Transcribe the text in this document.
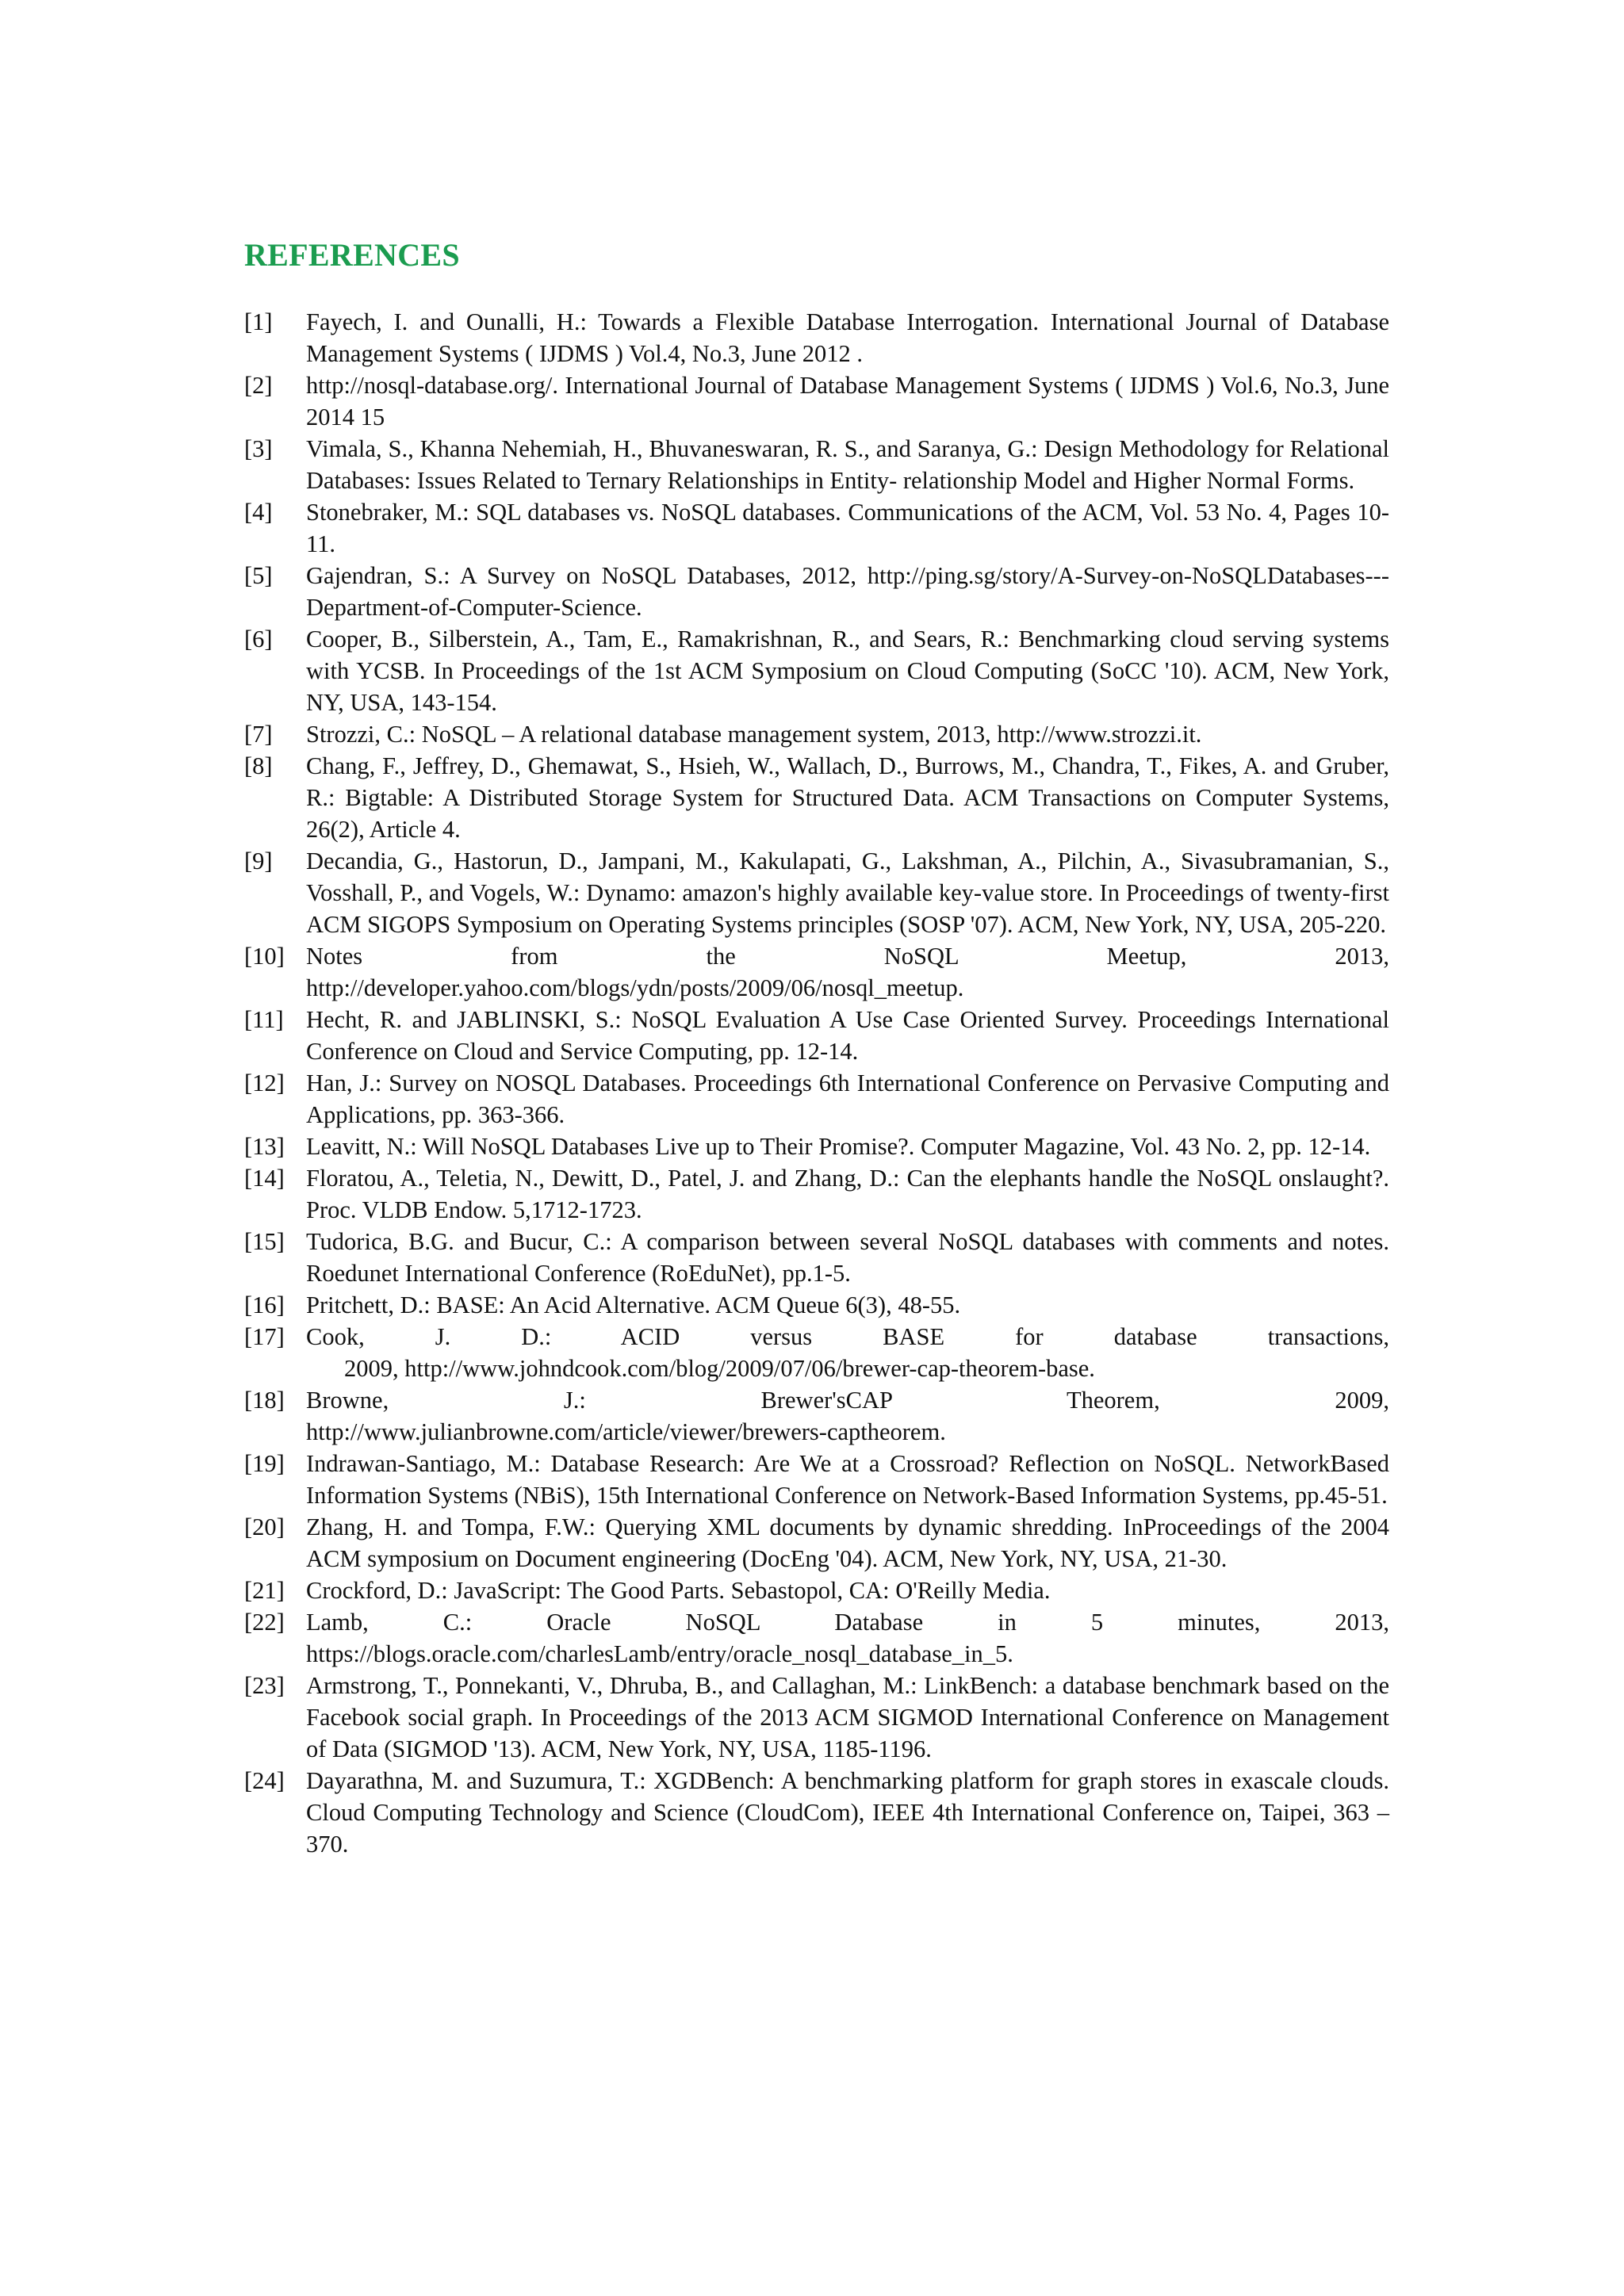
REFERENCES
[1]	Fayech, I. and Ounalli, H.: Towards a Flexible Database Interrogation. International Journal of Database Management Systems ( IJDMS ) Vol.4, No.3, June 2012 .
[2]	http://nosql-database.org/. International Journal of Database Management Systems ( IJDMS ) Vol.6, No.3, June 2014 15
[3]	Vimala, S., Khanna Nehemiah, H., Bhuvaneswaran, R. S., and Saranya, G.: Design Methodology for Relational Databases: Issues Related to Ternary Relationships in Entity- relationship Model and Higher Normal Forms.
[4]	Stonebraker, M.: SQL databases vs. NoSQL databases. Communications of the ACM, Vol. 53 No. 4, Pages 10-11.
[5]	Gajendran, S.: A Survey on NoSQL Databases, 2012, http://ping.sg/story/A-Survey-on-NoSQLDatabases---Department-of-Computer-Science.
[6]	Cooper, B., Silberstein, A., Tam, E., Ramakrishnan, R., and Sears, R.: Benchmarking cloud serving systems with YCSB. In Proceedings of the 1st ACM Symposium on Cloud Computing (SoCC '10). ACM, New York, NY, USA, 143-154.
[7]	Strozzi, C.: NoSQL – A relational database management system, 2013, http://www.strozzi.it.
[8]	Chang, F., Jeffrey, D., Ghemawat, S., Hsieh, W., Wallach, D., Burrows, M., Chandra, T., Fikes, A. and Gruber, R.: Bigtable: A Distributed Storage System for Structured Data. ACM Transactions on Computer Systems, 26(2), Article 4.
[9]	Decandia, G., Hastorun, D., Jampani, M., Kakulapati, G., Lakshman, A., Pilchin, A., Sivasubramanian, S., Vosshall, P., and Vogels, W.: Dynamo: amazon's highly available key-value store. In Proceedings of twenty-first ACM SIGOPS Symposium on Operating Systems principles (SOSP '07). ACM, New York, NY, USA, 205-220.
[10] Notes from the NoSQL Meetup, 2013,
http://developer.yahoo.com/blogs/ydn/posts/2009/06/nosql_meetup.
[11] Hecht, R. and JABLINSKI, S.: NoSQL Evaluation A Use Case Oriented Survey. Proceedings International Conference on Cloud and Service Computing, pp. 12-14.
[12] Han, J.: Survey on NOSQL Databases. Proceedings 6th International Conference on Pervasive Computing and Applications, pp. 363-366.
[13] Leavitt, N.: Will NoSQL Databases Live up to Their Promise?. Computer Magazine, Vol. 43 No. 2, pp. 12-14.
[14] Floratou, A., Teletia, N., Dewitt, D., Patel, J. and Zhang, D.: Can the elephants handle the NoSQL onslaught?. Proc. VLDB Endow. 5,1712-1723.
[15] Tudorica, B.G. and Bucur, C.: A comparison between several NoSQL databases with comments and notes. Roedunet International Conference (RoEduNet), pp.1-5.
[16] Pritchett, D.: BASE: An Acid Alternative. ACM Queue 6(3), 48-55.
[17] Cook, J. D.: ACID versus BASE for database transactions,
2009, http://www.johndcook.com/blog/2009/07/06/brewer-cap-theorem-base.
[18] Browne, J.: Brewer'sCAP Theorem, 2009,
http://www.julianbrowne.com/article/viewer/brewers-captheorem.
[19] Indrawan-Santiago, M.: Database Research: Are We at a Crossroad? Reflection on NoSQL. NetworkBased Information Systems (NBiS), 15th International Conference on Network-Based Information Systems, pp.45-51.
[20] Zhang, H. and Tompa, F.W.: Querying XML documents by dynamic shredding. InProceedings of the 2004 ACM symposium on Document engineering (DocEng '04). ACM, New York, NY, USA, 21-30.
[21] Crockford, D.: JavaScript: The Good Parts. Sebastopol, CA: O'Reilly Media.
[22] Lamb, C.: Oracle NoSQL Database in 5 minutes, 2013,
https://blogs.oracle.com/charlesLamb/entry/oracle_nosql_database_in_5.
[23] Armstrong, T., Ponnekanti, V., Dhruba, B., and Callaghan, M.: LinkBench: a database benchmark based on the Facebook social graph. In Proceedings of the 2013 ACM SIGMOD International Conference on Management of Data (SIGMOD '13). ACM, New York, NY, USA, 1185-1196.
[24] Dayarathna, M. and Suzumura, T.: XGDBench: A benchmarking platform for graph stores in exascale clouds. Cloud Computing Technology and Science (CloudCom), IEEE 4th International Conference on, Taipei, 363 – 370.
